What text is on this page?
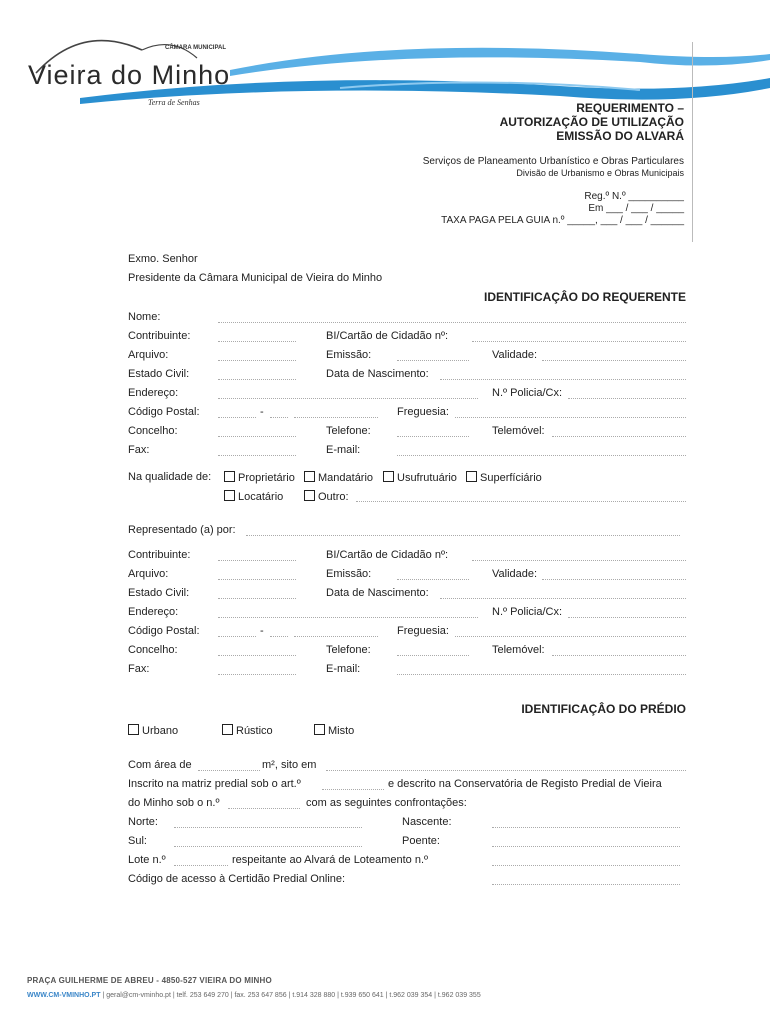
CÂMARA MUNICIPAL
Vieira do Minho
Terra de Senhas	REQUERIMENTO –
AUTORIZAÇÃO DE UTILIZAÇÃO
EMISSÃO DO ALVARÁ
Serviços de Planeamento Urbanístico e Obras Particulares
Divisão de Urbanismo e Obras Municipais
Reg.º N.º __________
Em ___ / ___ / _____
TAXA PAGA PELA GUIA n.º _____, ___ / ___ / ______
Exmo. Senhor
Presidente da Câmara Municipal de Vieira do Minho
IDENTIFICAÇÂO DO REQUERENTE
Nome:
Contribuinte:	BI/Cartão de Cidadão nº:
Arquivo:	Emissão:	Validade:
Estado Civil:	Data de Nascimento:
Endereço:	N.º Policia/Cx:
Código Postal:	-	Freguesia:
Concelho:	Telefone:	Telemóvel:
Fax:	E-mail:
Na qualidade de:	Proprietário	Mandatário	Usufrutuário	Superfíciário
Locatário	Outro:
Representado (a) por:
Contribuinte:	BI/Cartão de Cidadão nº:
Arquivo:	Emissão:	Validade:
Estado Civil:	Data de Nascimento:
Endereço:	N.º Policia/Cx:
Código Postal:	-	Freguesia:
Concelho:	Telefone:	Telemóvel:
Fax:	E-mail:
IDENTIFICAÇÂO DO PRÉDIO
Urbano	Rústico	Misto
Com área de	m², sito em
Inscrito na matriz predial sob o art.º	e descrito na Conservatória de Registo Predial de Vieira
do Minho sob o n.º	com as seguintes confrontações:
Norte:	Nascente:
Sul:	Poente:
Lote n.º	respeitante ao Alvará de Loteamento n.º
Código de acesso à Certidão Predial Online:
PRAÇA GUILHERME DE ABREU - 4850-527 VIEIRA DO MINHO
WWW.CM-VMINHO.PT | geral@cm-vminho.pt | telf. 253 649 270 | fax. 253 647 856 | t.914 328 880 | t.939 650 641 | t.962 039 354 | t.962 039 355
